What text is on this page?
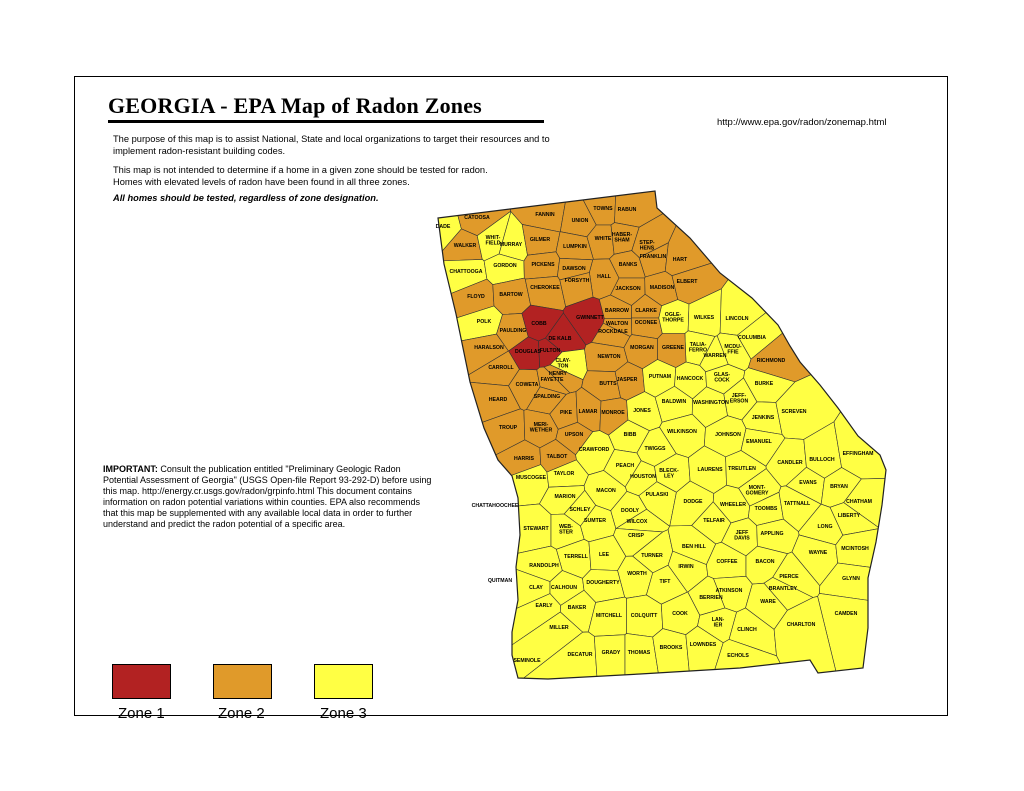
GEORGIA - EPA Map of Radon Zones
http://www.epa.gov/radon/zonemap.html
The purpose of this map is to assist National, State and local organizations to target their resources and to implement radon-resistant building codes.
This map is not intended to determine if a home in a given zone should be tested for radon.
Homes with elevated levels of radon have been found in all three zones.
All homes should be tested, regardless of zone designation.
IMPORTANT: Consult the publication entitled "Preliminary Geologic Radon Potential Assessment of Georgia" (USGS Open-file Report 93-292-D) before using this map. http://energy.cr.usgs.gov/radon/grpinfo.html This document contains information on radon potential variations within counties. EPA also recommends that this map be supplemented with any available local data in order to further understand and predict the radon potential of a specific area.
DADE
CATOOSA
WALKER
WHIT-FIELD MURRAY
FANNIN
TOWNS
UNION
RABUN
GILMER	WHITE
HABER-SHAM	STEP-HENS
LUMPKIN
CHATTOOGA
GORDON	PICKENS
DAWSON
HALL
BANKS
FRANKLIN HART
FLOYD	BARTOW
CHEROKEE
FORSYTH
JACKSON MADISON
ELBERT
POLK
PAULDING
COBB
GWINNETT
BARROW CLARKE
OCONEE
OGLE-THORPE WILKES LINCOLN
COLUMBIA
HARALSON
DOUGLAS
FULTON
DE KALB
WALTON
ROCKDALE
TALIA-FERRO
MCDU-FFIE
RICHMOND
CARROLL
CLAY-TON
HENRY
NEWTON
MORGAN GREENE
WARREN
COWETA
FAYETTE
SPALDING
BUTTS
JASPER PUTNAM HANCOCK
GLAS-COCK
JEFF-ERSON
BURKE
HEARD
PIKE LAMAR MONROE JONES
BALDWIN WASHINGTON
JENKINS
SCREVEN
TROUP	MERI-WETHER
UPSON	BIBB	WILKINSON	JOHNSON
EMANUEL
HARRIS TALBOT
CRAWFORD	TWIGGS
CANDLER BULLOCH
EFFINGHAM
MUSCOGEE
TAYLOR
PEACH
HOUSTON
BLECK-LEY
LAURENS TREUTLEN
MARION
MACON
PULASKI
DODGE
MONT-GOMERY
EVANS
BRYAN
CHATHAM
SCHLEY	DOOLY
WHEELER
TOOMBS
TATTNALL
LIBERTY
STEWART WEB-STER
SUMTER	WILCOX	TELFAIR
LONG
CRISP	JEFF DAVIS
APPLING
TERRELL LEE	TURNER
BEN HILL
WAYNE
MCINTOSH
RANDOLPH	IRWIN
COFFEE	BACON
CLAY CALHOUN
DOUGHERTY
WORTH
TIFT
PIERCE	GLYNN
ATKINSON	BRANTLEY
EARLY	BAKER
BERRIEN
WARE
CAMDEN
MILLER
MITCHELL COLQUITT	COOK
LAN-IER
CLINCH
CHARLTON
DECATUR GRADY THOMAS
BROOKS LOWNDES
ECHOLS
CHATTAHOOCHEE
QUITMAN
SEMINOLE
Zone 1	Zone 2	Zone 3
